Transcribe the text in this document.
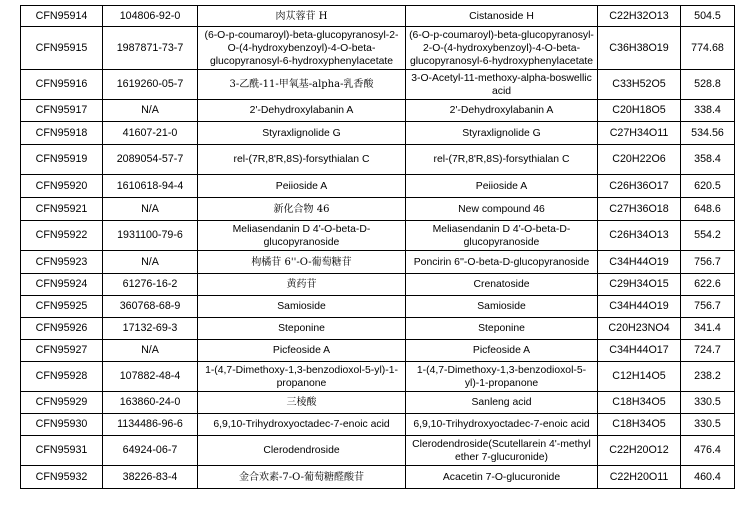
CFN95914	104806-92-0	肉苁蓉苷 H	Cistanoside H	C22H32O13	504.5
CFN95915	1987871-73-7	(6-O-p-coumaroyl)-beta-glucopyranosyl-2-O-(4-hydroxybenzoyl)-4-O-beta-glucopyranosyl-6-hydroxyphenylacetate	(6-O-p-coumaroyl)-beta-glucopyranosyl-2-O-(4-hydroxybenzoyl)-4-O-beta-glucopyranosyl-6-hydroxyphenylacetate	C36H38O19	774.68
CFN95916	1619260-05-7	3-乙酰-11-甲氧基-alpha-乳香酸	3-O-Acetyl-11-methoxy-alpha-boswellic acid	C33H52O5	528.8
CFN95917	N/A	2'-Dehydroxylabanin A	2'-Dehydroxylabanin A	C20H18O5	338.4
CFN95918	41607-21-0	Styraxlignolide G	Styraxlignolide G	C27H34O11	534.56
CFN95919	2089054-57-7	rel-(7R,8'R,8S)-forsythialan C	rel-(7R,8'R,8S)-forsythialan C	C20H22O6	358.4
CFN95920	1610618-94-4	Peiioside A	Peiioside A	C26H36O17	620.5
CFN95921	N/A	新化合物 46	New compound 46	C27H36O18	648.6
CFN95922	1931100-79-6	Meliasendanin D 4'-O-beta-D-glucopyranoside	Meliasendanin D 4'-O-beta-D-glucopyranoside	C26H34O13	554.2
CFN95923	N/A	枸橘苷 6''-O-葡萄糖苷	Poncirin 6''-O-beta-D-glucopyranoside	C34H44O19	756.7
CFN95924	61276-16-2	黄药苷	Crenatoside	C29H34O15	622.6
CFN95925	360768-68-9	Samioside	Samioside	C34H44O19	756.7
CFN95926	17132-69-3	Steponine	Steponine	C20H23NO4	341.4
CFN95927	N/A	Picfeoside A	Picfeoside A	C34H44O17	724.7
CFN95928	107882-48-4	1-(4,7-Dimethoxy-1,3-benzodioxol-5-yl)-1-propanone	1-(4,7-Dimethoxy-1,3-benzodioxol-5-yl)-1-propanone	C12H14O5	238.2
CFN95929	163860-24-0	三棱酸	Sanleng acid	C18H34O5	330.5
CFN95930	1134486-96-6	6,9,10-Trihydroxyoctadec-7-enoic acid	6,9,10-Trihydroxyoctadec-7-enoic acid	C18H34O5	330.5
CFN95931	64924-06-7	Clerodendroside	Clerodendroside(Scutellarein 4'-methyl ether 7-glucuronide)	C22H20O12	476.4
CFN95932	38226-83-4	金合欢素-7-O-葡萄糖醛酸苷	Acacetin 7-O-glucuronide	C22H20O11	460.4
